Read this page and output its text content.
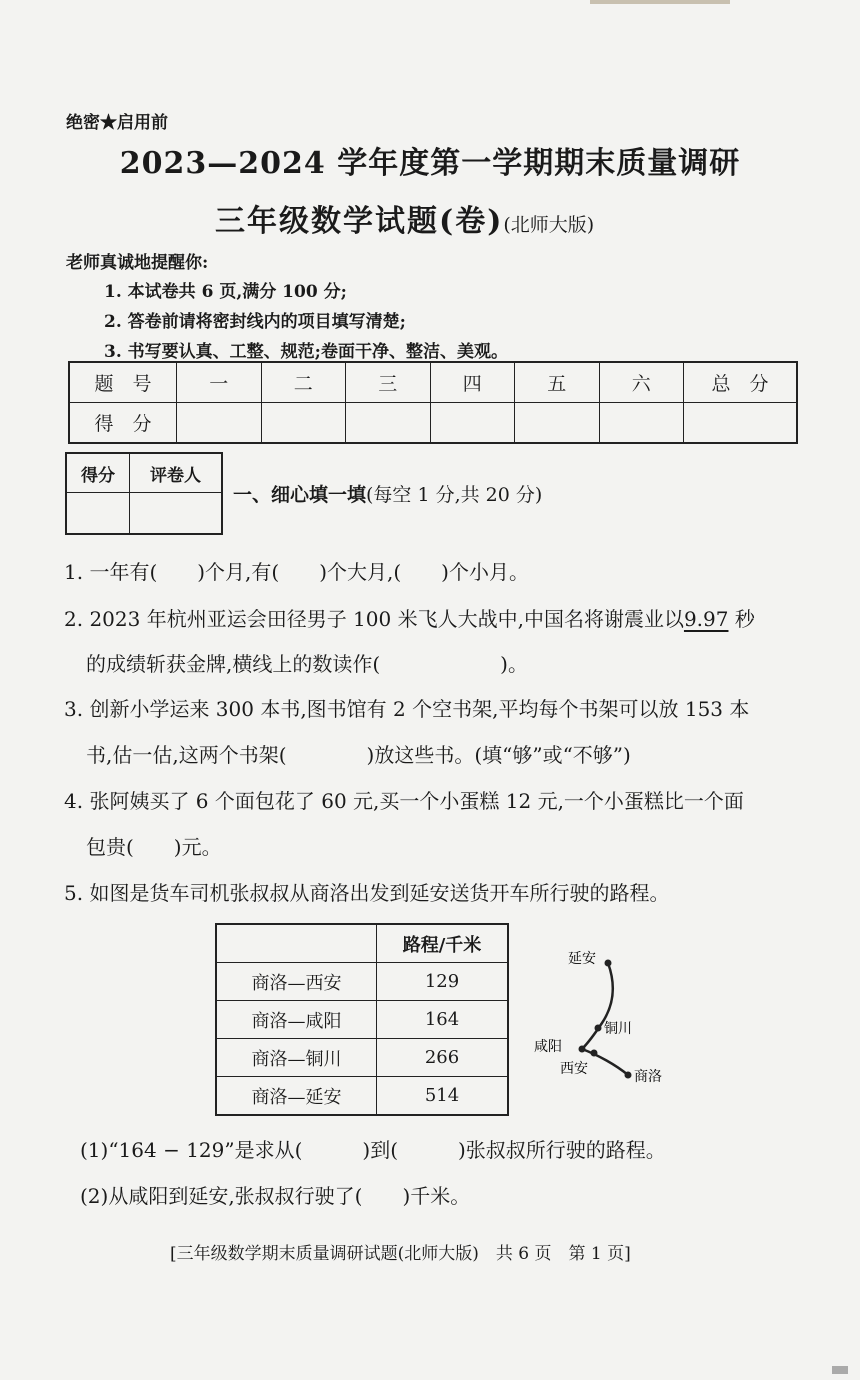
绝密★启用前
2023—2024 学年度第一学期期末质量调研
三年级数学试题(卷)(北师大版)
老师真诚地提醒你:
1. 本试卷共 6 页,满分 100 分;
2. 答卷前请将密封线内的项目填写清楚;
3. 书写要认真、工整、规范;卷面干净、整洁、美观。
题　号	一	二	三	四	五	六	总　分
得　分							
得分	评卷人

一、细心填一填(每空 1 分,共 20 分)
1. 一年有(　　)个月,有(　　)个大月,(　　)个小月。
2. 2023 年杭州亚运会田径男子 100 米飞人大战中,中国名将谢震业以9.97 秒
的成绩斩获金牌,横线上的数读作(　　　　　　)。
3. 创新小学运来 300 本书,图书馆有 2 个空书架,平均每个书架可以放 153 本
书,估一估,这两个书架(　　　　)放这些书。(填“够”或“不够”)
4. 张阿姨买了 6 个面包花了 60 元,买一个小蛋糕 12 元,一个小蛋糕比一个面
包贵(　　)元。
5. 如图是货车司机张叔叔从商洛出发到延安送货开车所行驶的路程。
	路程/千米
商洛—西安	129
商洛—咸阳	164
商洛—铜川	266
商洛—延安	514
延安
铜川
咸阳
西安	商洛
(1)“164 − 129”是求从(　　　)到(　　　)张叔叔所行驶的路程。
(2)从咸阳到延安,张叔叔行驶了(　　)千米。
[三年级数学期末质量调研试题(北师大版)　共 6 页　第 1 页]
